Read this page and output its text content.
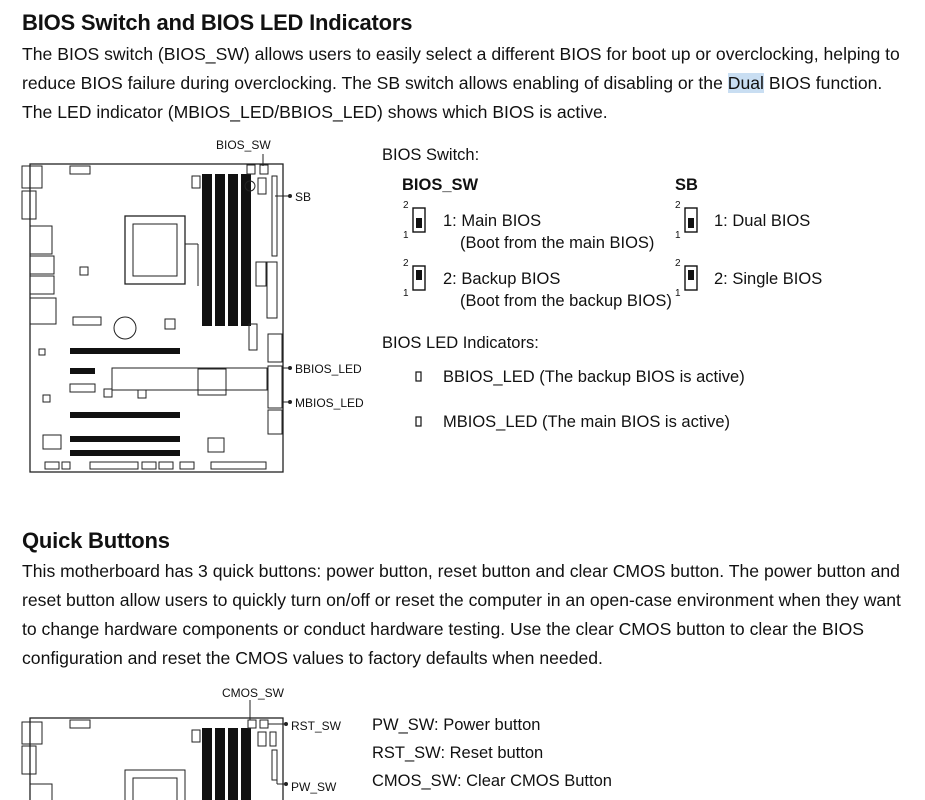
BIOS Switch and BIOS LED Indicators
The BIOS switch (BIOS_SW) allows users to easily select a different BIOS for boot up or overclocking, helping to reduce BIOS failure during overclocking. The SB switch allows enabling of disabling or the Dual BIOS function. The LED indicator (MBIOS_LED/BBIOS_LED) shows which BIOS is active.
BIOS_SW
SB
BBIOS_LED
MBIOS_LED
BIOS Switch:
BIOS_SW	SB
2
1
1: Main BIOS
(Boot from the main BIOS)
2
1
2: Backup BIOS
(Boot from the backup BIOS)
2
1
1: Dual BIOS
2
1
2: Single BIOS
BIOS LED Indicators:
BBIOS_LED (The backup BIOS is active)
MBIOS_LED (The main BIOS is active)
Quick Buttons
This motherboard has 3 quick buttons: power button, reset button and clear CMOS button. The power button and reset button allow users to quickly turn on/off or reset the computer in an open-case environment when they want to change hardware components or conduct hardware testing. Use the clear CMOS button to clear the BIOS configuration and reset the CMOS values to factory defaults when needed.
CMOS_SW
RST_SW
PW_SW
PW_SW: Power button
RST_SW: Reset button
CMOS_SW: Clear CMOS Button
